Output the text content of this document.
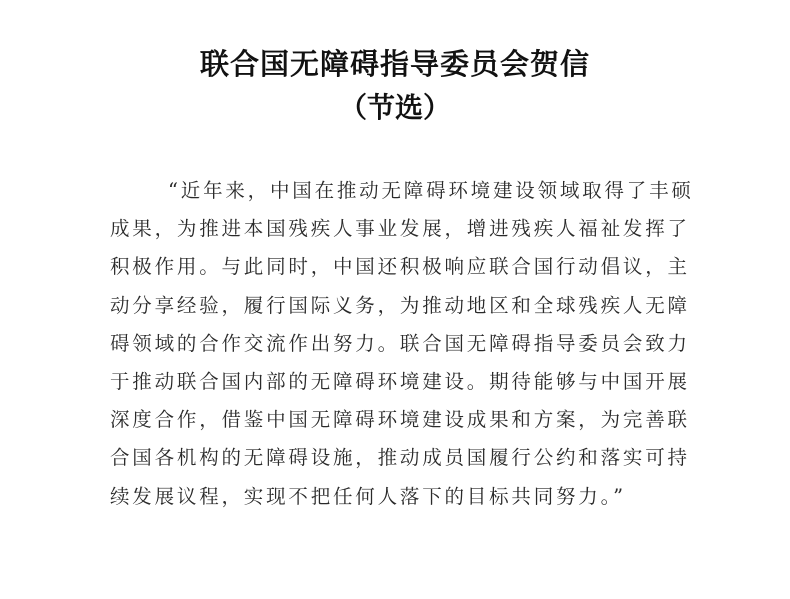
联合国无障碍指导委员会贺信
（节选）
“近年来，中国在推动无障碍环境建设领域取得了丰硕
成果，为推进本国残疾人事业发展，增进残疾人福祉发挥了
积极作用。与此同时，中国还积极响应联合国行动倡议，主
动分享经验，履行国际义务，为推动地区和全球残疾人无障
碍领域的合作交流作出努力。联合国无障碍指导委员会致力
于推动联合国内部的无障碍环境建设。期待能够与中国开展
深度合作，借鉴中国无障碍环境建设成果和方案，为完善联
合国各机构的无障碍设施，推动成员国履行公约和落实可持
续发展议程，实现不把任何人落下的目标共同努力。”
